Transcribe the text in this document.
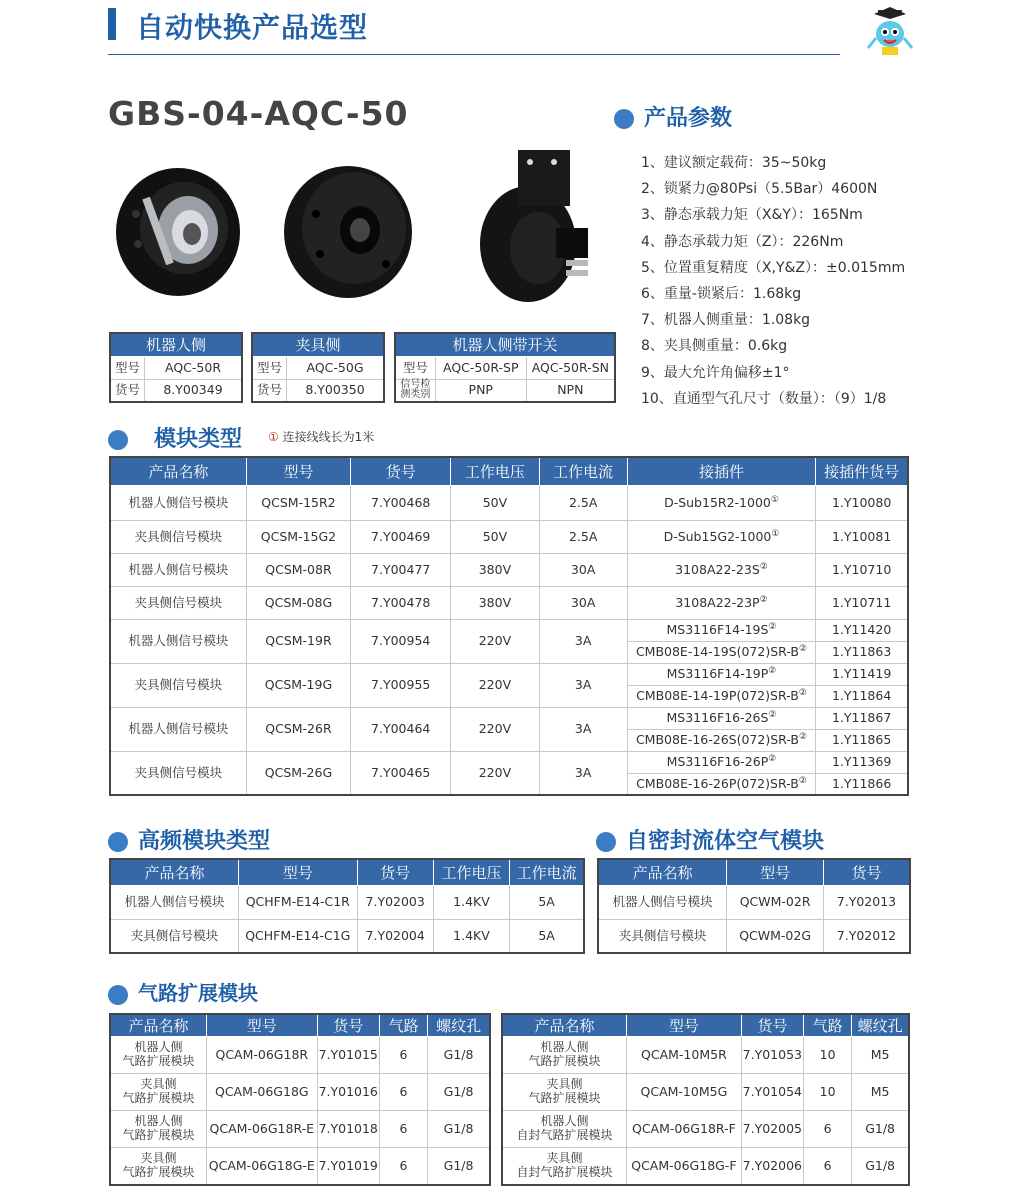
自动快换产品选型
GBS-04-AQC-50	产品参数
1、建议额定载荷：35~50kg
2、锁紧力@80Psi（5.5Bar）4600N
3、静态承载力矩（X&Y）：165Nm
4、静态承载力矩（Z）：226Nm
5、位置重复精度（X,Y&Z）：±0.015mm
6、重量-锁紧后：1.68kg
7、机器人侧重量：1.08kg
8、夹具侧重量：0.6kg
9、最大允许角偏移±1°
10、直通型气孔尺寸（数量）：（9）1/8
机器人侧	
型号	AQC-50R
货号	8.Y00349
夹具侧	
型号	AQC-50G
货号	8.Y00350
机器人侧带开关		
型号	AQC-50R-SP	AQC-50R-SN
信号检测类别	PNP	NPN
模块类型 ① 连接线线长为1米
产品名称	型号	货号	工作电压	工作电流	接插件	接插件货号
机器人侧信号模块	QCSM-15R2	7.Y00468	50V	2.5A	D-Sub15R2-1000①	1.Y10080
夹具侧信号模块	QCSM-15G2	7.Y00469	50V	2.5A	D-Sub15G2-1000①	1.Y10081
机器人侧信号模块	QCSM-08R	7.Y00477	380V	30A	3108A22-23S②	1.Y10710
夹具侧信号模块	QCSM-08G	7.Y00478	380V	30A	3108A22-23P②	1.Y10711
机器人侧信号模块	QCSM-19R	7.Y00954	220V	3A	MS3116F14-19S②	1.Y11420
					CMB08E-14-19S(072)SR-B②	1.Y11863
夹具侧信号模块	QCSM-19G	7.Y00955	220V	3A	MS3116F14-19P②	1.Y11419
					CMB08E-14-19P(072)SR-B②	1.Y11864
机器人侧信号模块	QCSM-26R	7.Y00464	220V	3A	MS3116F16-26S②	1.Y11867
					CMB08E-16-26S(072)SR-B②	1.Y11865
夹具侧信号模块	QCSM-26G	7.Y00465	220V	3A	MS3116F16-26P②	1.Y11369
					CMB08E-16-26P(072)SR-B②	1.Y11866
高频模块类型
产品名称	型号	货号	工作电压	工作电流
机器人侧信号模块	QCHFM-E14-C1R	7.Y02003	1.4KV	5A
夹具侧信号模块	QCHFM-E14-C1G	7.Y02004	1.4KV	5A
自密封流体空气模块
产品名称	型号	货号
机器人侧信号模块	QCWM-02R	7.Y02013
夹具侧信号模块	QCWM-02G	7.Y02012
气路扩展模块
产品名称	型号	货号	气路	螺纹孔
机器人侧
气路扩展模块	QCAM-06G18R	7.Y01015	6	G1/8
夹具侧
气路扩展模块	QCAM-06G18G	7.Y01016	6	G1/8
机器人侧
气路扩展模块	QCAM-06G18R-E	7.Y01018	6	G1/8
夹具侧
气路扩展模块	QCAM-06G18G-E	7.Y01019	6	G1/8
产品名称	型号	货号	气路	螺纹孔
机器人侧
气路扩展模块	QCAM-10M5R	7.Y01053	10	M5
夹具侧
气路扩展模块	QCAM-10M5G	7.Y01054	10	M5
机器人侧
自封气路扩展模块	QCAM-06G18R-F	7.Y02005	6	G1/8
夹具侧
自封气路扩展模块	QCAM-06G18G-F	7.Y02006	6	G1/8
